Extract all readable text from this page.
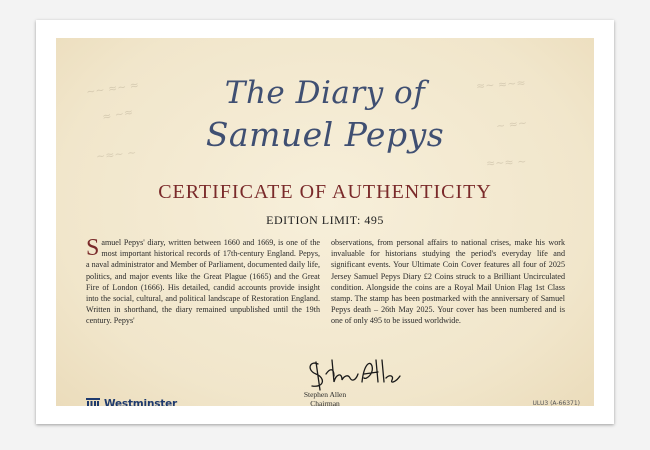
∼∼ ≈∼ ≈
≈ ∼≈
∼≈∼ ∼
≈∼ ≈∼≈
∼ ≈∼
≈∼≈ ∼
The Diary of
Samuel Pepys
CERTIFICATE OF AUTHENTICITY
EDITION LIMIT: 495
Samuel Pepys' diary, written between 1660 and 1669, is one of the most important historical records of 17th-century England. Pepys, a naval administrator and Member of Parliament, documented daily life, politics, and major events like the Great Plague (1665) and the Great Fire of London (1666). His detailed, candid accounts provide insight into the social, cultural, and political landscape of Restoration England. Written in shorthand, the diary remained unpublished until the 19th century. Pepys'
observations, from personal affairs to national crises, make his work invaluable for historians studying the period's everyday life and significant events. Your Ultimate Coin Cover features all four of 2025 Jersey Samuel Pepys Diary £2 Coins struck to a Brilliant Uncirculated condition. Alongside the coins are a Royal Mail Union Flag 1st Class stamp. The stamp has been postmarked with the anniversary of Samuel Pepys death – 26th May 2025. Your cover has been numbered and is one of only 495 to be issued worldwide.
Stephen Allen
Chairman
Westminster	ULU3 (A-66371)
